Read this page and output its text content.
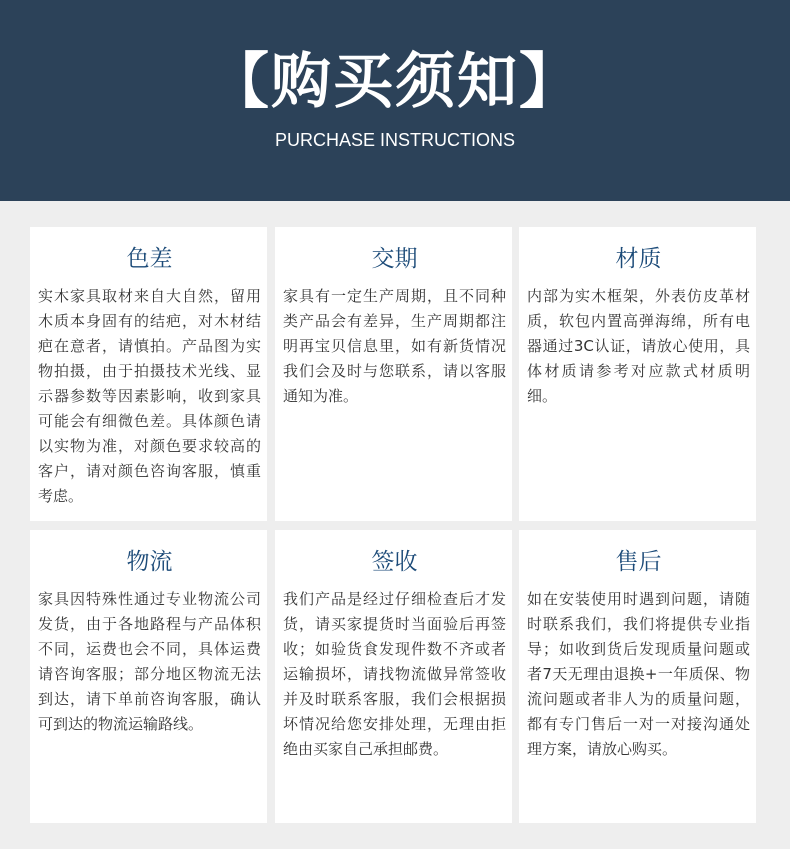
【购买须知】
PURCHASE INSTRUCTIONS
色差
实木家具取材来自大自然，留用木质本身固有的结疤，对木材结疤在意者，请慎拍。产品图为实物拍摄，由于拍摄技术光线、显示器参数等因素影响，收到家具可能会有细微色差。具体颜色请以实物为准，对颜色要求较高的客户，请对颜色咨询客服，慎重考虑。
交期
家具有一定生产周期，且不同种类产品会有差异，生产周期都注明再宝贝信息里，如有新货情况我们会及时与您联系，请以客服通知为准。
材质
内部为实木框架，外表仿皮革材质，软包内置高弹海绵，所有电器通过3C认证，请放心使用，具体材质请参考对应款式材质明细。
物流
家具因特殊性通过专业物流公司发货，由于各地路程与产品体积不同，运费也会不同，具体运费请咨询客服；部分地区物流无法到达，请下单前咨询客服，确认可到达的物流运输路线。
签收
我们产品是经过仔细检查后才发货，请买家提货时当面验后再签收；如验货食发现件数不齐或者运输损坏，请找物流做异常签收并及时联系客服，我们会根据损坏情况给您安排处理，无理由拒绝由买家自己承担邮费。
售后
如在安装使用时遇到问题，请随时联系我们，我们将提供专业指导；如收到货后发现质量问题或者7天无理由退换+一年质保、物流问题或者非人为的质量问题，都有专门售后一对一对接沟通处理方案，请放心购买。
